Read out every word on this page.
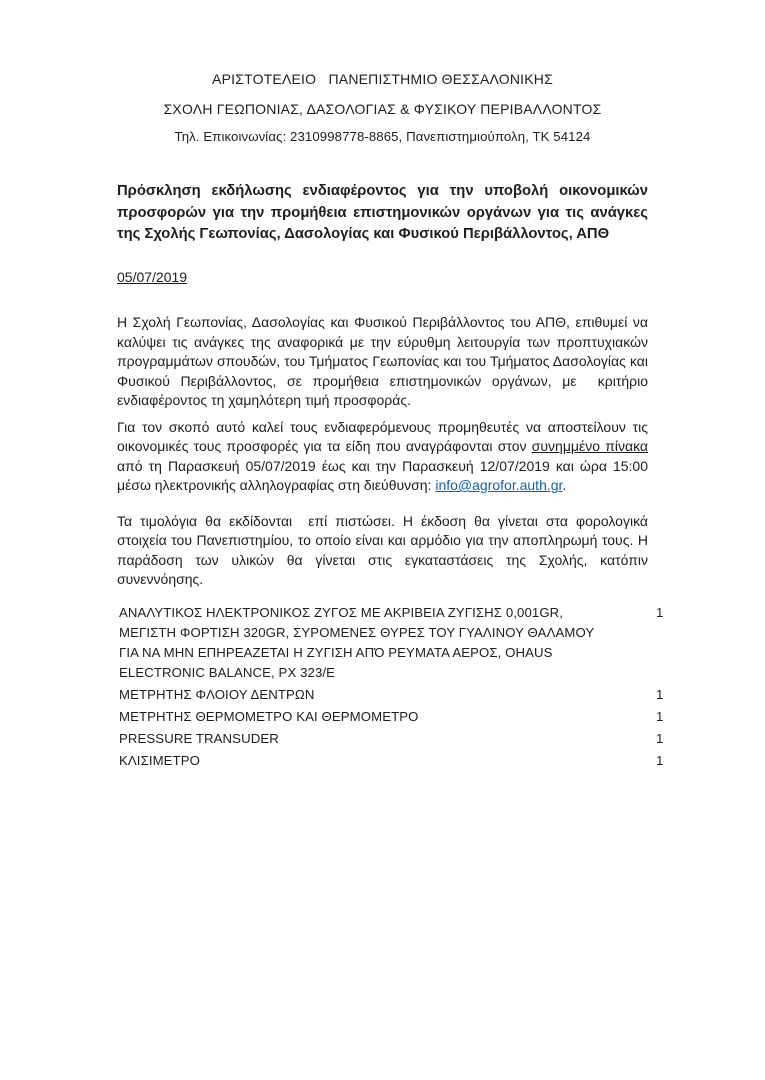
ΑΡΙΣΤΟΤΕΛΕΙΟ   ΠΑΝΕΠΙΣΤΗΜΙΟ ΘΕΣΣΑΛΟΝΙΚΗΣ

ΣΧΟΛΗ ΓΕΩΠΟΝΙΑΣ, ΔΑΣΟΛΟΓΙΑΣ & ΦΥΣΙΚΟΥ ΠΕΡΙΒΑΛΛΟΝΤΟΣ

Τηλ. Επικοινωνίας: 2310998778-8865, Πανεπιστημιούπολη, ΤΚ 54124

Πρόσκληση εκδήλωσης ενδιαφέροντος για την υποβολή οικονομικών προσφορών για την προμήθεια επιστημονικών οργάνων για τις ανάγκες της Σχολής Γεωπονίας, Δασολογίας και Φυσικού Περιβάλλοντος, ΑΠΘ

05/07/2019

Η Σχολή Γεωπονίας, Δασολογίας και Φυσικού Περιβάλλοντος του ΑΠΘ, επιθυμεί να καλύψει τις ανάγκες της αναφορικά με την εύρυθμη λειτουργία των προπτυχιακών προγραμμάτων σπουδών, του Τμήματος Γεωπονίας και του Τμήματος Δασολογίας και Φυσικού Περιβάλλοντος, σε προμήθεια επιστημονικών οργάνων, με  κριτήριο ενδιαφέροντος τη χαμηλότερη τιμή προσφοράς.

Για τον σκοπό αυτό καλεί τους ενδιαφερόμενους προμηθευτές να αποστείλουν τις οικονομικές τους προσφορές για τα είδη που αναγράφονται στον συνημμένο πίνακα από τη Παρασκευή 05/07/2019 έως και την Παρασκευή 12/07/2019 και ώρα 15:00 μέσω ηλεκτρονικής αλληλογραφίας στη διεύθυνση: info@agrofor.auth.gr.

Τα τιμολόγια θα εκδίδονται  επί πιστώσει. Η έκδοση θα γίνεται στα φορολογικά στοιχεία του Πανεπιστημίου, το οποίο είναι και αρμόδιο για την αποπληρωμή τους. Η παράδοση των υλικών θα γίνεται στις εγκαταστάσεις της Σχολής, κατόπιν συνεννόησης.

ΑΝΑΛΥΤΙΚΟΣ ΗΛΕΚΤΡΟΝΙΚΟΣ ΖΥΓΟΣ ΜΕ ΑΚΡΙΒΕΙΑ ΖΥΓΙΣΗΣ 0,001GR, ΜΕΓΙΣΤΗ ΦΟΡΤΙΣΗ 320GR, ΣΥΡΟΜΕΝΕΣ ΘΥΡΕΣ ΤΟΥ ΓΥΑΛΙΝΟΥ ΘΑΛΑΜΟΥ ΓΙΑ ΝΑ ΜΗΝ ΕΠΗΡΕΑΖΕΤΑΙ Η ΖΥΓΙΣΗ ΑΠΌ ΡΕΥΜΑΤΑ ΑΕΡΟΣ, OHAUS ELECTRONIC BALANCE, PX 323/E	1
ΜΕΤΡΗΤΗΣ ΦΛΟΙΟΥ ΔΕΝΤΡΩΝ	1
ΜΕΤΡΗΤΗΣ ΘΕΡΜΟΜΕΤΡΟ ΚΑΙ ΘΕΡΜΟΜΕΤΡΟ	1
PRESSURE TRANSUDER	1
ΚΛΙΣΙΜΕΤΡΟ	1
